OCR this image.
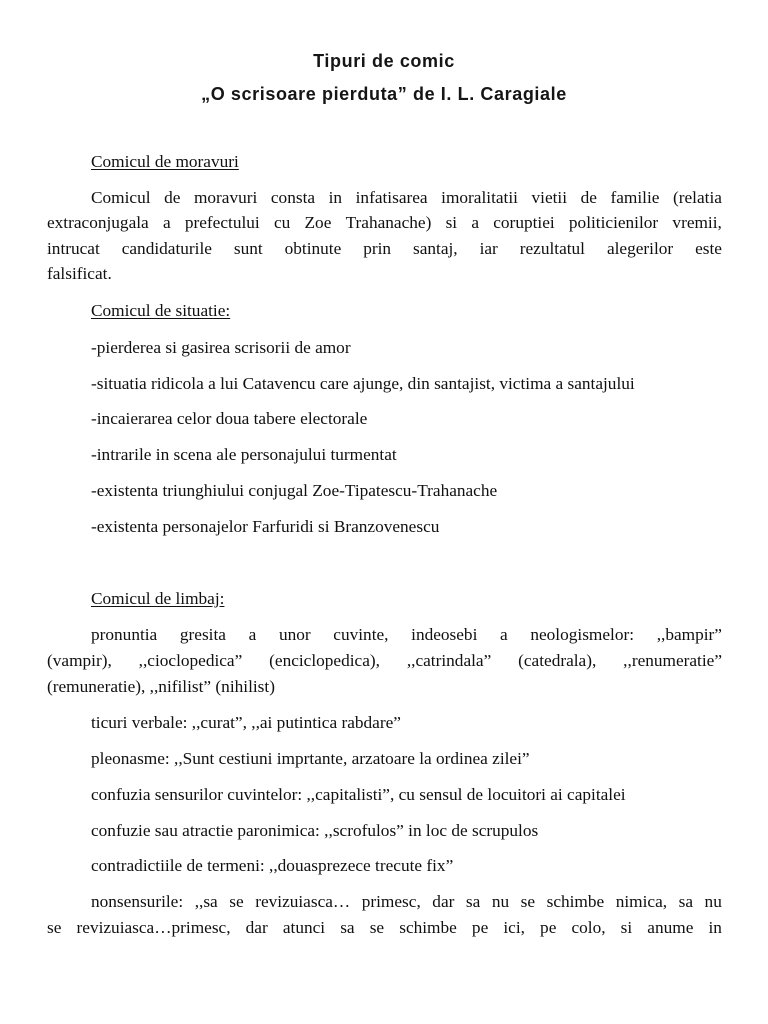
Tipuri de comic
„O scrisoare pierduta” de I. L. Caragiale
Comicul de moravuri
Comicul de moravuri consta in infatisarea imoralitatii vietii de familie (relatia
extraconjugala a prefectului cu Zoe Trahanache) si a coruptiei politicienilor vremii,
intrucat candidaturile sunt obtinute prin santaj, iar rezultatul alegerilor este
falsificat.
Comicul de situatie:
-pierderea si gasirea scrisorii de amor
-situatia ridicola a lui Catavencu care ajunge, din santajist, victima a santajului
-incaierarea celor doua tabere electorale
-intrarile in scena ale personajului turmentat
-existenta triunghiului conjugal Zoe-Tipatescu-Trahanache
-existenta personajelor Farfuridi si Branzovenescu
Comicul de limbaj:
pronuntia gresita a unor cuvinte, indeosebi a neologismelor: ,,bampir”
(vampir), ,,cioclopedica” (enciclopedica), ,,catrindala” (catedrala), ,,renumeratie”
(remuneratie), ,,nifilist” (nihilist)
ticuri verbale: ,,curat”, ,,ai putintica rabdare”
pleonasme: ,,Sunt cestiuni imprtante, arzatoare la ordinea zilei”
confuzia sensurilor cuvintelor: ,,capitalisti”, cu sensul de locuitori ai capitalei
confuzie sau atractie paronimica: ,,scrofulos” in loc de scrupulos
contradictiile de termeni: ,,douasprezece trecute fix”
nonsensurile: ,,sa se revizuiasca… primesc, dar sa nu se schimbe nimica, sa nu
se revizuiasca…primesc, dar atunci sa se schimbe pe ici, pe colo, si anume in
